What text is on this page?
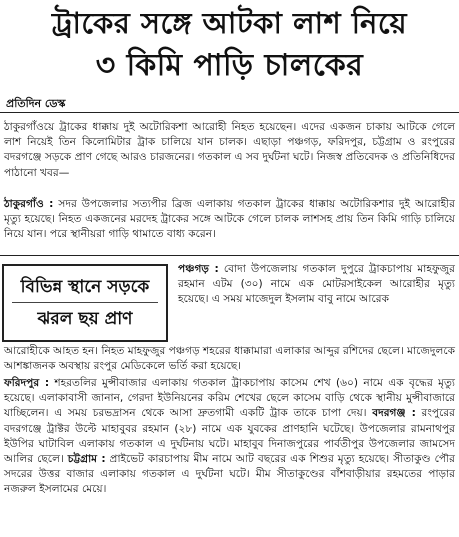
ট্রাকের সঙ্গে আটকা লাশ নিয়ে
৩ কিমি পাড়ি চালকের
প্রতিদিন ডেস্ক
ঠাকুরগাঁওয়ে ট্রাকের ধাক্কায় দুই অটোরিকশা আরোহী নিহত হয়েছেন। এদের একজন চাকায় আটকে গেলে লাশ নিয়েই তিন কিলোমিটার ট্রাক চালিয়ে যান চালক। এছাড়া পঞ্চগড়, ফরিদপুর, চট্টগ্রাম ও রংপুরের বদরগঞ্জে সড়কে প্রাণ গেছে আরও চারজনের। গতকাল এ সব দুর্ঘটনা ঘটে। নিজস্ব প্রতিবেদক ও প্রতিনিধিদের পাঠানো খবর—
ঠাকুরগাঁও : সদর উপজেলার সত্যপীর ব্রিজ এলাকায় গতকাল ট্রাকের ধাক্কায় অটোরিকশার দুই আরোহীর মৃত্যু হয়েছে। নিহত একজনের মরদেহ ট্রাকের সঙ্গে আটকে গেলে চালক লাশসহ প্রায় তিন কিমি গাড়ি চালিয়ে নিয়ে যান। পরে স্থানীয়রা গাড়ি থামাতে বাধ্য করেন।
বিভিন্ন স্থানে সড়কে
ঝরল ছয় প্রাণ
পঞ্চগড় : বোদা উপজেলায় গতকাল দুপুরে ট্রাকচাপায় মাহফুজুর রহমান এটম (৩০) নামে এক মোটরসাইকেল আরোহীর মৃত্যু হয়েছে। এ সময় মাজেদুল ইসলাম বাবু নামে আরেক
আরোহীকে আহত হন। নিহত মাহফুজুর পঞ্চগড় শহরের ধাক্কামারা এলাকার আব্দুর রশিদের ছেলে। মাজেদুলকে আশঙ্কাজনক অবস্থায় রংপুর মেডিকেলে ভর্তি করা হয়েছে।
ফরিদপুর : শহরতলির মুন্সীবাজার এলাকায় গতকাল ট্রাকচাপায় কাসেম শেখ (৬০) নামে এক বৃদ্ধের মৃত্যু হয়েছে। এলাকাবাসী জানান, গেরদা ইউনিয়নের করিম শেখের ছেলে কাসেম বাড়ি থেকে স্থানীয় মুন্সীবাজারে যাচ্ছিলেন। এ সময় চরভদ্রাসন থেকে আসা দ্রুতগামী একটি ট্রাক তাকে চাপা দেয়। বদরগঞ্জ : রংপুরের বদরগঞ্জে ট্রাক্টর উল্টে মাহাবুবর রহমান (২৮) নামে এক যুবকের প্রাণহানি ঘটেছে। উপজেলার রামনাথপুর ইউপির ঘাটাবিল এলাকায় গতকাল এ দুর্ঘটনায় ঘটে। মাহাবুব দিনাজপুরের পার্বতীপুর উপজেলার জামসেদ আলির ছেলে। চট্টগ্রাম : প্রাইভেট কারচাপায় মীম নামে আট বছরের এক শিশুর মৃত্যু হয়েছে। সীতাকুণ্ড পৌর সদরের উত্তর বাজার এলাকায় গতকাল এ দুর্ঘটনা ঘটে। মীম সীতাকুণ্ডের বাঁশবাড়ীয়ার রহমতের পাড়ার নজরুল ইসলামের মেয়ে।
